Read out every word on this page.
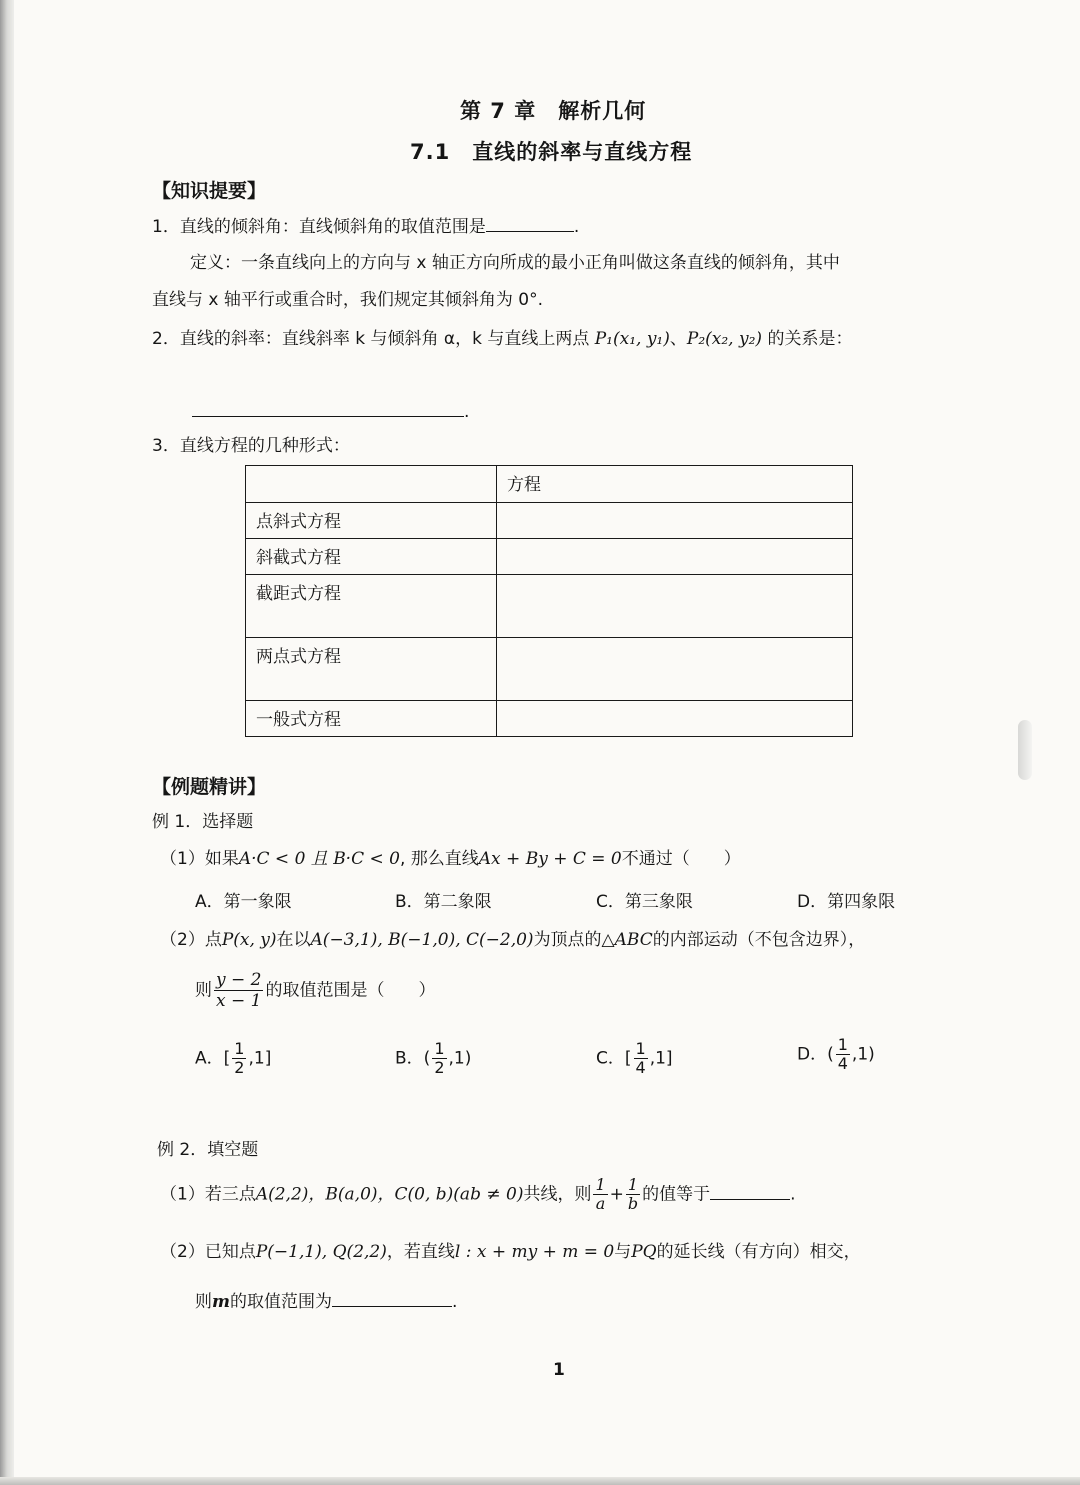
第 7 章　解析几何
7.1　直线的斜率与直线方程
【知识提要】
1．直线的倾斜角：直线倾斜角的取值范围是	.
定义：一条直线向上的方向与 x 轴正方向所成的最小正角叫做这条直线的倾斜角，其中
直线与 x 轴平行或重合时，我们规定其倾斜角为 0°.
2．直线的斜率：直线斜率 k 与倾斜角 α，k 与直线上两点 P₁(x₁, y₁)、P₂(x₂, y₂) 的关系是：
.
3．直线方程的几种形式：
	方程
点斜式方程	
斜截式方程	
截距式方程	
两点式方程	
一般式方程	
【例题精讲】
例 1．选择题
（1）如果A·C < 0 且 B·C < 0, 那么直线Ax + By + C = 0不通过（　　）
A．第一象限	B．第二象限	C．第三象限	D．第四象限
（2）点P(x, y)在以A(−3,1), B(−1,0), C(−2,0)为顶点的△ABC的内部运动（不包含边界），
则 $\frac{y - 2}{x - 1}$ 的取值范围是（　　）
A．[ $\frac{1}{2} ,1$]	B．( $\frac{1}{2} ,1$)	C．[ $\frac{1}{4} ,1$]	D．( $\frac{1}{4} ,1$)
例 2．填空题
（1）若三点A(2,2)，B(a,0)，C(0, b)(ab ≠ 0)共线，则 $\frac{1}{a} + \frac{1}{b}$ 的值等于	.
（2）已知点P(−1,1), Q(2,2)，若直线l : x + my + m = 0与PQ的延长线（有方向）相交，
则m的取值范围为	.
1
